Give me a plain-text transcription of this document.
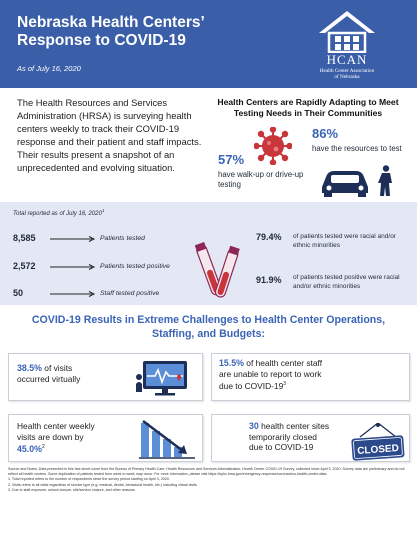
Nebraska Health Centers’ Response to COVID-19
As of July 16, 2020
HCAN
Health Center Association
of Nebraska
The Health Resources and Services Administration (HRSA) is surveying health centers weekly to track their COVID-19 response and their patient and staff impacts. Their results present a snapshot of an unprecedented and evolving situation.
Health Centers are Rapidly Adapting to Meet Testing Needs in Their Communities
57%
have walk-up or drive-up testing
86%
have the resources to test
Total reported as of July 16, 2020$^1$
8,585	Patients tested
2,572	Patients tested positive
50	Staff tested positive
79.4% of patients tested were racial and/or ethnic minorities
91.9% of patients tested positive were racial and/or ethnic minorities
COVID-19 Results in Extreme Challenges to Health Center Operations, Staffing, and Budgets:
38.5% of visits
occurred virtually
15.5% of health center staff
are unable to report to work
due to COVID-$19^3$
Health center weekly
visits are down by
45.0%$^2$
30 health center sites
temporarily closed
due to COVID-19	CLOSED
Source and Notes: Data presented in this fact sheet come from the Bureau of Primary Health Care, Health Resources and Services Administration, Health Center COVID-19 Survey, collected since April 3, 2020. Survey data are preliminary and do not reflect all health centers. Some duplication of patients tested from week to week may occur. For more information, please visit https://bphc.hrsa.gov/emergency-response/coronavirus-health-center-data.
1. Total reported refers to the number of respondents since the survey period starting on April 3, 2020.
2. Visits refers to all visits regardless of service type (e.g. medical, dental, behavioral health, etc.) including virtual visits.
3. Due to staff exposure, school closure, site/service closure, and other reasons.
